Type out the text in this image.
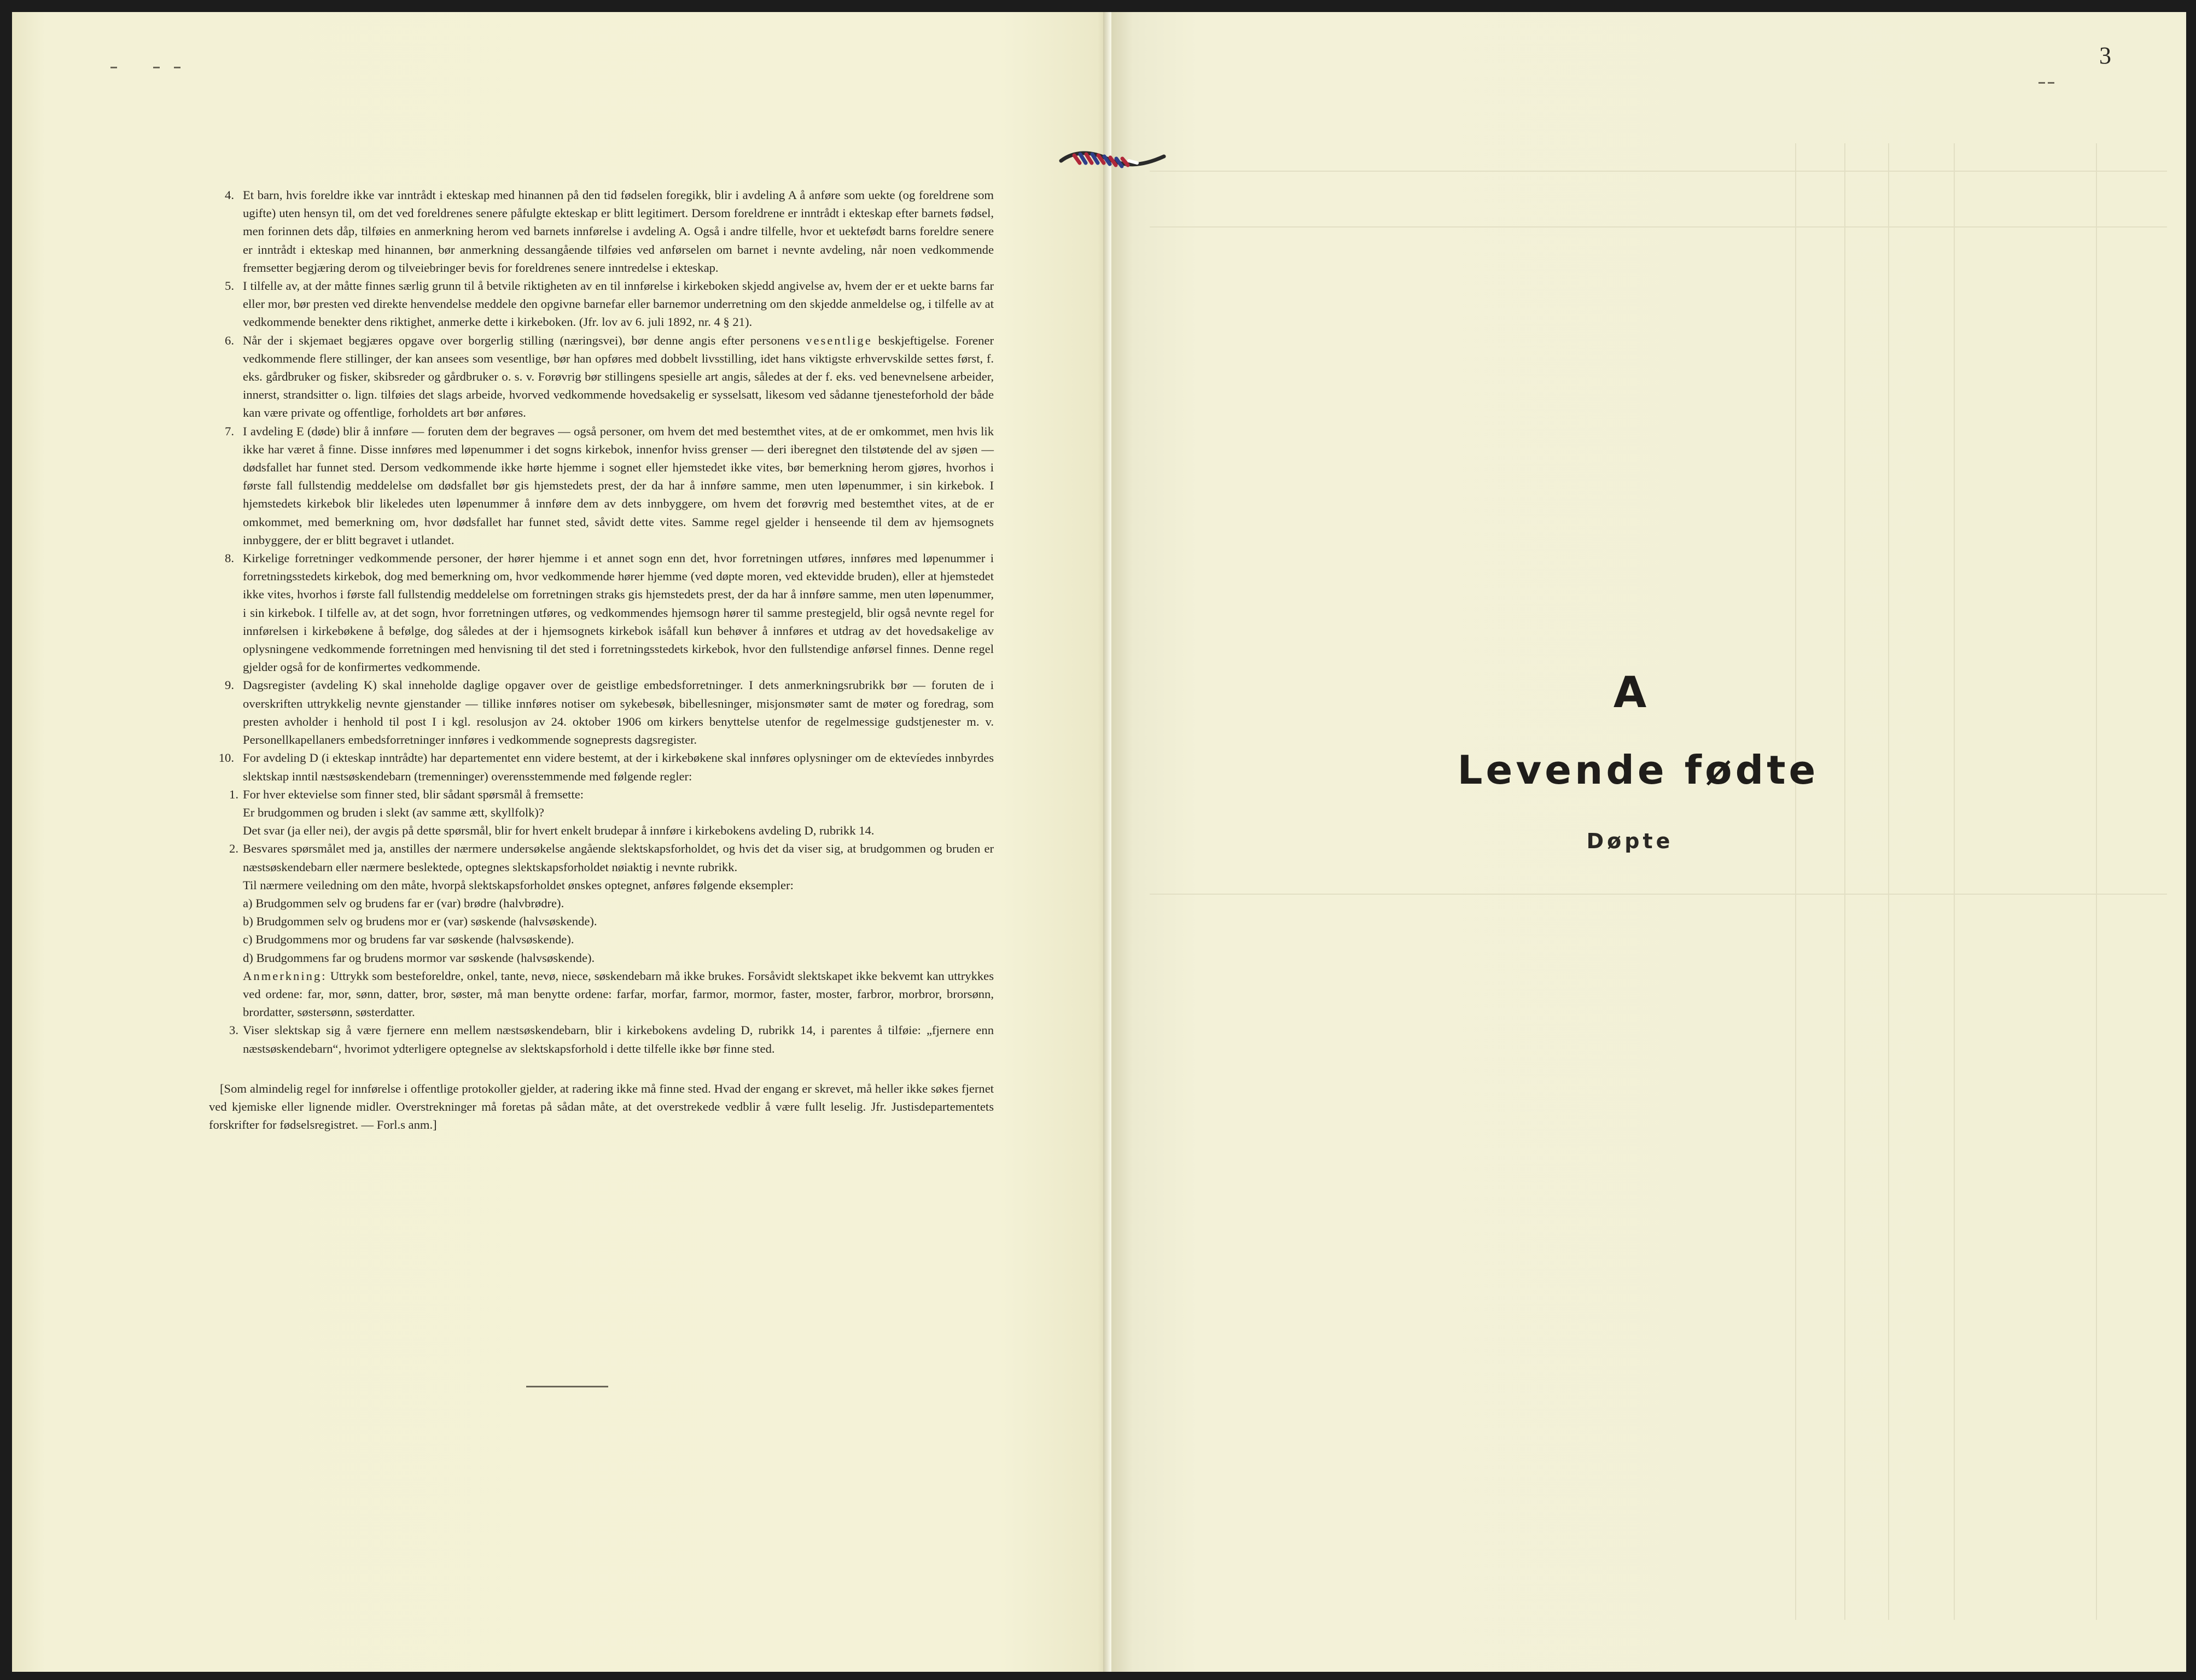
4. Et barn, hvis foreldre ikke var inntrådt i ekteskap med hinannen på den tid fødselen foregikk, blir i avdeling A å anføre som uekte (og foreldrene som ugifte) uten hensyn til, om det ved foreldrenes senere påfulgte ekteskap er blitt legitimert. Dersom foreldrene er inntrådt i ekteskap efter barnets fødsel, men forinnen dets dåp, tilføies en anmerkning herom ved barnets innførelse i avdeling A. Også i andre tilfelle, hvor et uektefødt barns foreldre senere er inntrådt i ekteskap med hinannen, bør anmerkning dessangående tilføies ved anførselen om barnet i nevnte avdeling, når noen vedkommende fremsetter begjæring derom og tilveiebringer bevis for foreldrenes senere inntredelse i ekteskap.

5. I tilfelle av, at der måtte finnes særlig grunn til å betvile riktigheten av en til innførelse i kirkeboken skjedd angivelse av, hvem der er et uekte barns far eller mor, bør presten ved direkte henvendelse meddele den opgivne barnefar eller barnemor underretning om den skjedde anmeldelse og, i tilfelle av at vedkommende benekter dens riktighet, anmerke dette i kirkeboken. (Jfr. lov av 6. juli 1892, nr. 4 § 21).

6. Når der i skjemaet begjæres opgave over borgerlig stilling (næringsvei), bør denne angis efter personens vesentlige beskjeftigelse. Forener vedkommende flere stillinger, der kan ansees som vesentlige, bør han opføres med dobbelt livsstilling, idet hans viktigste erhvervskilde settes først, f. eks. gårdbruker og fisker, skibsreder og gårdbruker o. s. v. Forøvrig bør stillingens spesielle art angis, således at der f. eks. ved benevnelsene arbeider, innerst, strandsitter o. lign. tilføies det slags arbeide, hvorved vedkommende hovedsakelig er sysselsatt, likesom ved sådanne tjenesteforhold der både kan være private og offentlige, forholdets art bør anføres.

7. I avdeling E (døde) blir å innføre — foruten dem der begraves — også personer, om hvem det med bestemthet vites, at de er omkommet, men hvis lik ikke har været å finne. Disse innføres med løpenummer i det sogns kirkebok, innenfor hviss grenser — deri iberegnet den tilstøtende del av sjøen — dødsfallet har funnet sted. Dersom vedkommende ikke hørte hjemme i sognet eller hjemstedet ikke vites, bør bemerkning herom gjøres, hvorhos i første fall fullstendig meddelelse om dødsfallet bør gis hjemstedets prest, der da har å innføre samme, men uten løpenummer, i sin kirkebok. I hjemstedets kirkebok blir likeledes uten løpenummer å innføre dem av dets innbyggere, om hvem det forøvrig med bestemthet vites, at de er omkommet, med bemerkning om, hvor dødsfallet har funnet sted, såvidt dette vites. Samme regel gjelder i henseende til dem av hjemsognets innbyggere, der er blitt begravet i utlandet.

8. Kirkelige forretninger vedkommende personer, der hører hjemme i et annet sogn enn det, hvor forretningen utføres, innføres med løpenummer i forretningsstedets kirkebok, dog med bemerkning om, hvor vedkommende hører hjemme (ved døpte moren, ved ektevidde bruden), eller at hjemstedet ikke vites, hvorhos i første fall fullstendig meddelelse om forretningen straks gis hjemstedets prest, der da har å innføre samme, men uten løpenummer, i sin kirkebok. I tilfelle av, at det sogn, hvor forretningen utføres, og vedkommendes hjemsogn hører til samme prestegjeld, blir også nevnte regel for innførelsen i kirkebøkene å befølge, dog således at der i hjemsognets kirkebok isåfall kun behøver å innføres et utdrag av det hovedsakelige av oplysningene vedkommende forretningen med henvisning til det sted i forretningsstedets kirkebok, hvor den fullstendige anførsel finnes. Denne regel gjelder også for de konfirmertes vedkommende.

9. Dagsregister (avdeling K) skal inneholde daglige opgaver over de geistlige embedsforretninger. I dets anmerkningsrubrikk bør — foruten de i overskriften uttrykkelig nevnte gjenstander — tillike innføres notiser om sykebesøk, bibellesninger, misjonsmøter samt de møter og foredrag, som presten avholder i henhold til post I i kgl. resolusjon av 24. oktober 1906 om kirkers benyttelse utenfor de regelmessige gudstjenester m. v. Personellkapellaners embedsforretninger innføres i vedkommende sogneprests dagsregister.

10. For avdeling D (i ekteskap inntrådte) har departementet enn videre bestemt, at der i kirkebøkene skal innføres oplysninger om de ektevíedes innbyrdes slektskap inntil næstsøskendebarn (tremenninger) overensstemmende med følgende regler:

1. For hver ektevielse som finner sted, blir sådant spørsmål å fremsette:

Er brudgommen og bruden i slekt (av samme ætt, skyllfolk)?

Det svar (ja eller nei), der avgis på dette spørsmål, blir for hvert enkelt brudepar å innføre i kirkebokens avdeling D, rubrikk 14.

2. Besvares spørsmålet med ja, anstilles der nærmere undersøkelse angående slektskapsforholdet, og hvis det da viser sig, at brudgommen og bruden er næstsøskendebarn eller nærmere beslektede, optegnes slektskapsforholdet nøiaktig i nevnte rubrikk.

Til nærmere veiledning om den måte, hvorpå slektskapsforholdet ønskes optegnet, anføres følgende eksempler:

a) Brudgommen selv og brudens far er (var) brødre (halvbrødre).

b) Brudgommen selv og brudens mor er (var) søskende (halvsøskende).

c) Brudgommens mor og brudens far var søskende (halvsøskende).

d) Brudgommens far og brudens mormor var søskende (halvsøskende).

Anmerkning: Uttrykk som besteforeldre, onkel, tante, nevø, niece, søskendebarn må ikke brukes. Forsåvidt slektskapet ikke bekvemt kan uttrykkes ved ordene: far, mor, sønn, datter, bror, søster, må man benytte ordene: farfar, morfar, farmor, mormor, faster, moster, farbror, morbror, brorsønn, brordatter, søstersønn, søsterdatter.

3. Viser slektskap sig å være fjernere enn mellem næstsøskendebarn, blir i kirkebokens avdeling D, rubrikk 14, i parentes å tilføie: „fjernere enn næstsøskendebarn“, hvorimot ydterligere optegnelse av slektskapsforhold i dette tilfelle ikke bør finne sted.

[Som almindelig regel for innførelse i offentlige protokoller gjelder, at radering ikke må finne sted. Hvad der engang er skrevet, må heller ikke søkes fjernet ved kjemiske eller lignende midler. Overstrekninger må foretas på sådan måte, at det overstrekede vedblir å være fullt leselig. Jfr. Justisdepartementets forskrifter for fødselsregistret. — Forl.s anm.]

3
A
Levende fødte
Døpte
